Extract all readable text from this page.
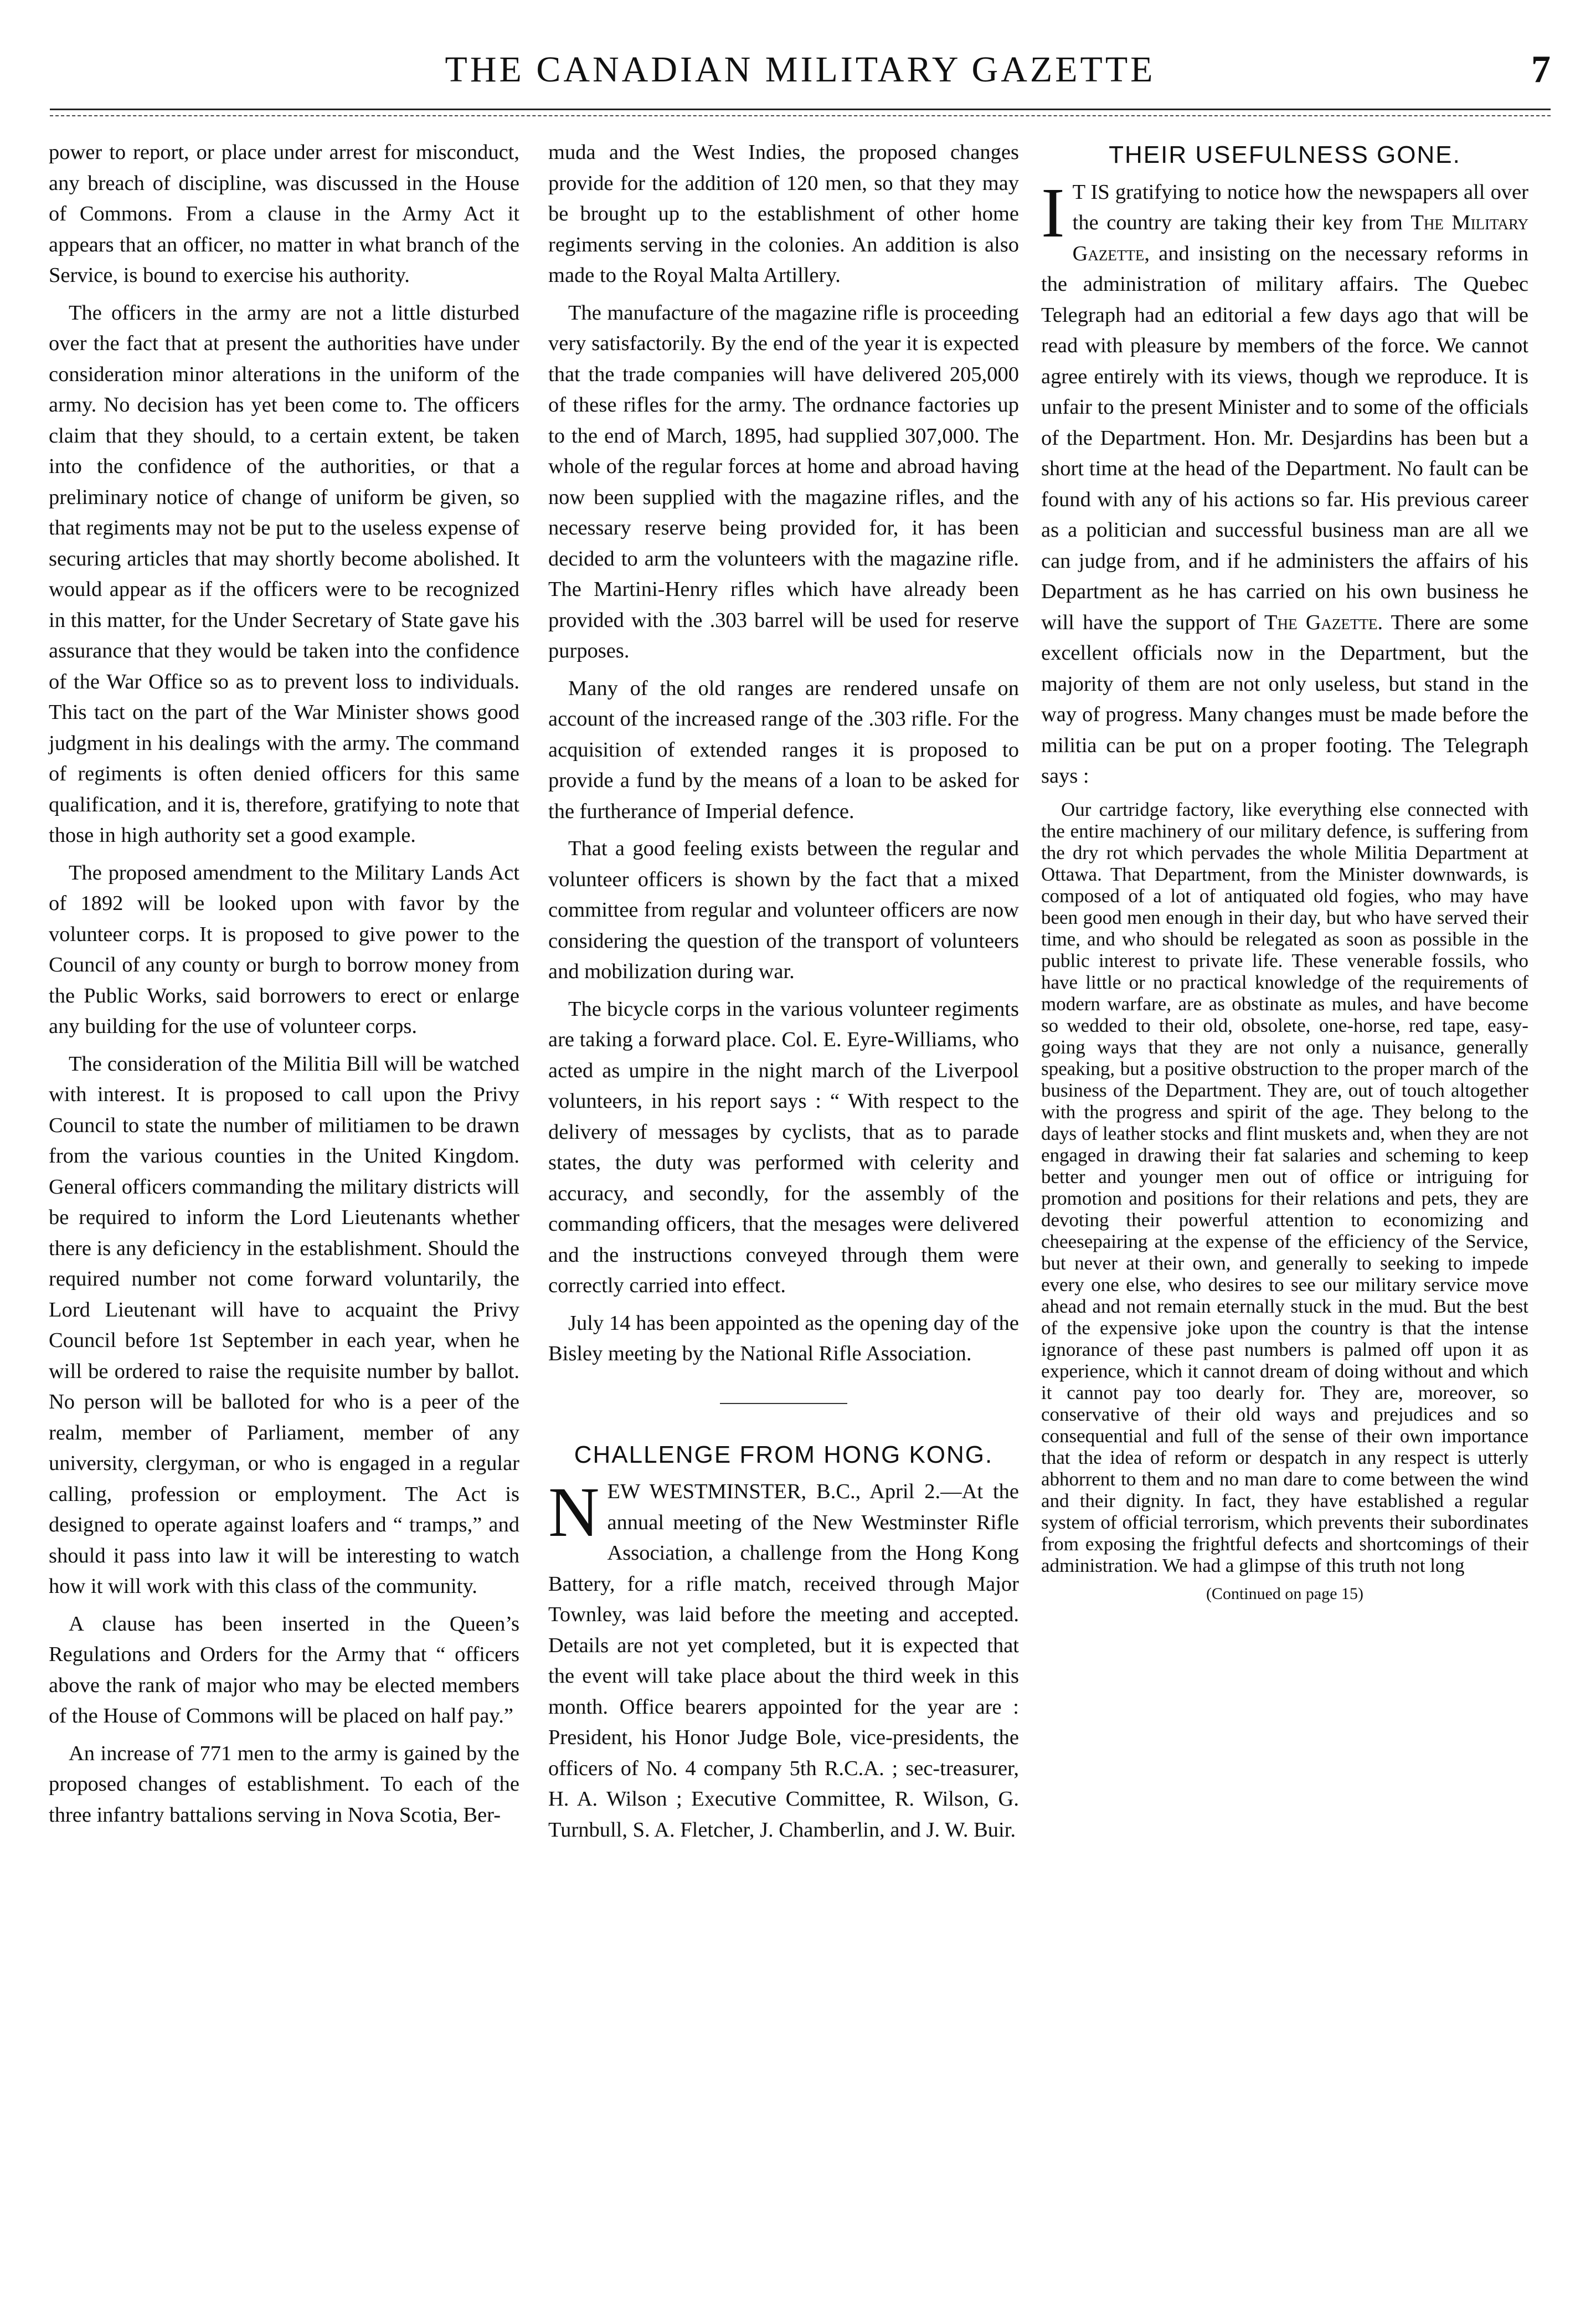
THE CANADIAN MILITARY GAZETTE	7

power to report, or place under arrest for misconduct, any breach of discipline, was discussed in the House of Commons. From a clause in the Army Act it appears that an officer, no matter in what branch of the Service, is bound to exercise his authority.

The officers in the army are not a little disturbed over the fact that at present the authorities have under consideration minor alterations in the uniform of the army. No decision has yet been come to. The officers claim that they should, to a certain extent, be taken into the confidence of the authorities, or that a preliminary notice of change of uniform be given, so that regiments may not be put to the useless expense of securing articles that may shortly become abolished. It would appear as if the officers were to be recognized in this matter, for the Under Secretary of State gave his assurance that they would be taken into the confidence of the War Office so as to prevent loss to individuals. This tact on the part of the War Minister shows good judgment in his dealings with the army. The command of regiments is often denied officers for this same qualification, and it is, therefore, gratifying to note that those in high authority set a good example.

The proposed amendment to the Military Lands Act of 1892 will be looked upon with favor by the volunteer corps. It is proposed to give power to the Council of any county or burgh to borrow money from the Public Works, said borrowers to erect or enlarge any building for the use of volunteer corps.

The consideration of the Militia Bill will be watched with interest. It is proposed to call upon the Privy Council to state the number of militiamen to be drawn from the various counties in the United Kingdom. General officers commanding the military districts will be required to inform the Lord Lieutenants whether there is any deficiency in the establishment. Should the required number not come forward voluntarily, the Lord Lieutenant will have to acquaint the Privy Council before 1st September in each year, when he will be ordered to raise the requisite number by ballot. No person will be balloted for who is a peer of the realm, member of Parliament, member of any university, clergyman, or who is engaged in a regular calling, profession or employment. The Act is designed to operate against loafers and “ tramps,” and should it pass into law it will be interesting to watch how it will work with this class of the community.

A clause has been inserted in the Queen’s Regulations and Orders for the Army that “ officers above the rank of major who may be elected members of the House of Commons will be placed on half pay.”

An increase of 771 men to the army is gained by the proposed changes of establishment. To each of the three infantry battalions serving in Nova Scotia, Ber-

muda and the West Indies, the proposed changes provide for the addition of 120 men, so that they may be brought up to the establishment of other home regiments serving in the colonies. An addition is also made to the Royal Malta Artillery.

The manufacture of the magazine rifle is proceeding very satisfactorily. By the end of the year it is expected that the trade companies will have delivered 205,000 of these rifles for the army. The ordnance factories up to the end of March, 1895, had supplied 307,000. The whole of the regular forces at home and abroad having now been supplied with the magazine rifles, and the necessary reserve being provided for, it has been decided to arm the volunteers with the magazine rifle. The Martini-Henry rifles which have already been provided with the .303 barrel will be used for reserve purposes.

Many of the old ranges are rendered unsafe on account of the increased range of the .303 rifle. For the acquisition of extended ranges it is proposed to provide a fund by the means of a loan to be asked for the furtherance of Imperial defence.

That a good feeling exists between the regular and volunteer officers is shown by the fact that a mixed committee from regular and volunteer officers are now considering the question of the transport of volunteers and mobilization during war.

The bicycle corps in the various volunteer regiments are taking a forward place. Col. E. Eyre-Williams, who acted as umpire in the night march of the Liverpool volunteers, in his report says : “ With respect to the delivery of messages by cyclists, that as to parade states, the duty was performed with celerity and accuracy, and secondly, for the assembly of the commanding officers, that the mesages were delivered and the instructions conveyed through them were correctly carried into effect.

July 14 has been appointed as the opening day of the Bisley meeting by the National Rifle Association.

CHALLENGE FROM HONG KONG.

NEW WESTMINSTER, B.C., April 2.—At the annual meeting of the New Westminster Rifle Association, a challenge from the Hong Kong Battery, for a rifle match, received through Major Townley, was laid before the meeting and accepted. Details are not yet completed, but it is expected that the event will take place about the third week in this month. Office bearers appointed for the year are : President, his Honor Judge Bole, vice-presidents, the officers of No. 4 company 5th R.C.A. ; sec-treasurer, H. A. Wilson ; Executive Committee, R. Wilson, G. Turnbull, S. A. Fletcher, J. Chamberlin, and J. W. Buir.

THEIR USEFULNESS GONE.

I T IS gratifying to notice how the newspapers all over the country are taking their key from The Military Gazette, and insisting on the necessary reforms in the administration of military affairs. The Quebec Telegraph had an editorial a few days ago that will be read with pleasure by members of the force. We cannot agree entirely with its views, though we reproduce. It is unfair to the present Minister and to some of the officials of the Department. Hon. Mr. Desjardins has been but a short time at the head of the Department. No fault can be found with any of his actions so far. His previous career as a politician and successful business man are all we can judge from, and if he administers the affairs of his Department as he has carried on his own business he will have the support of The Gazette. There are some excellent officials now in the Department, but the majority of them are not only useless, but stand in the way of progress. Many changes must be made before the militia can be put on a proper footing. The Telegraph says :

Our cartridge factory, like everything else connected with the entire machinery of our military defence, is suffering from the dry rot which pervades the whole Militia Department at Ottawa. That Department, from the Minister downwards, is composed of a lot of antiquated old fogies, who may have been good men enough in their day, but who have served their time, and who should be relegated as soon as possible in the public interest to private life. These venerable fossils, who have little or no practical knowledge of the requirements of modern warfare, are as obstinate as mules, and have become so wedded to their old, obsolete, one-horse, red tape, easy-going ways that they are not only a nuisance, generally speaking, but a positive obstruction to the proper march of the business of the Department. They are, out of touch altogether with the progress and spirit of the age. They belong to the days of leather stocks and flint muskets and, when they are not engaged in drawing their fat salaries and scheming to keep better and younger men out of office or intriguing for promotion and positions for their relations and pets, they are devoting their powerful attention to economizing and cheesepairing at the expense of the efficiency of the Service, but never at their own, and generally to seeking to impede every one else, who desires to see our military service move ahead and not remain eternally stuck in the mud. But the best of the expensive joke upon the country is that the intense ignorance of these past numbers is palmed off upon it as experience, which it cannot dream of doing without and which it cannot pay too dearly for. They are, moreover, so conservative of their old ways and prejudices and so consequential and full of the sense of their own importance that the idea of reform or despatch in any respect is utterly abhorrent to them and no man dare to come between the wind and their dignity. In fact, they have established a regular system of official terrorism, which prevents their subordinates from exposing the frightful defects and shortcomings of their administration. We had a glimpse of this truth not long

(Continued on page 15)
